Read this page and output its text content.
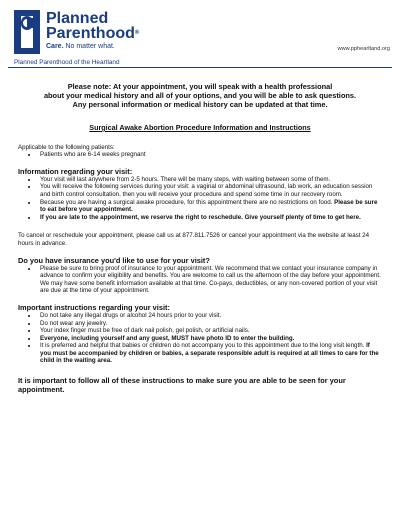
Planned
Parenthood®
Care. No matter what.	www.pphearltand.org
Planned Parenthood of the Heartland
Please note: At your appointment, you will speak with a health professional
about your medical history and all of your options, and you will be able to ask questions.
Any personal information or medical history can be updated at that time.
Surgical Awake Abortion Procedure Information and Instructions

Applicable to the following patients:

• Patients who are 6-14 weeks pregnant
Information regarding your visit:
• Your visit will last anywhere from 2-5 hours. There will be many steps, with waiting between some of them.
• You will receive the following services during your visit: a vaginal or abdominal ultrasound, lab work, an education session and birth control consultation, then you will receive your procedure and spend some time in our recovery room.
• Because you are having a surgical awake procedure, for this appointment there are no restrictions on food. Please be sure to eat before your appointment.
• If you are late to the appointment, we reserve the right to reschedule. Give yourself plenty of time to get here.

To cancel or reschedule your appointment, please call us at 877.811.7526 or cancel your appointment via the website at least 24 hours in advance.

Do you have insurance you'd like to use for your visit?
• Please be sure to bring proof of insurance to your appointment. We recommend that we contact your insurance company in advance to confirm your eligibility and benefits. You are welcome to call us the afternoon of the day before your appointment. We may have some benefit information available at that time. Co-pays, deductibles, or any non-covered portion of your visit are due at the time of your appointment.
Important instructions regarding your visit:
• Do not take any illegal drugs or alcohol 24 hours prior to your visit.
• Do not wear any jewelry.
• Your index finger must be free of dark nail polish, gel polish, or artificial nails.
• Everyone, including yourself and any guest, MUST have photo ID to enter the building.
• It is preferred and helpful that babies or children do not accompany you to this appointment due to the long visit length. If you must be accompanied by children or babies, a separate responsible adult is required at all times to care for the child in the waiting area.

It is important to follow all of these instructions to make sure you are able to be seen for your appointment.
